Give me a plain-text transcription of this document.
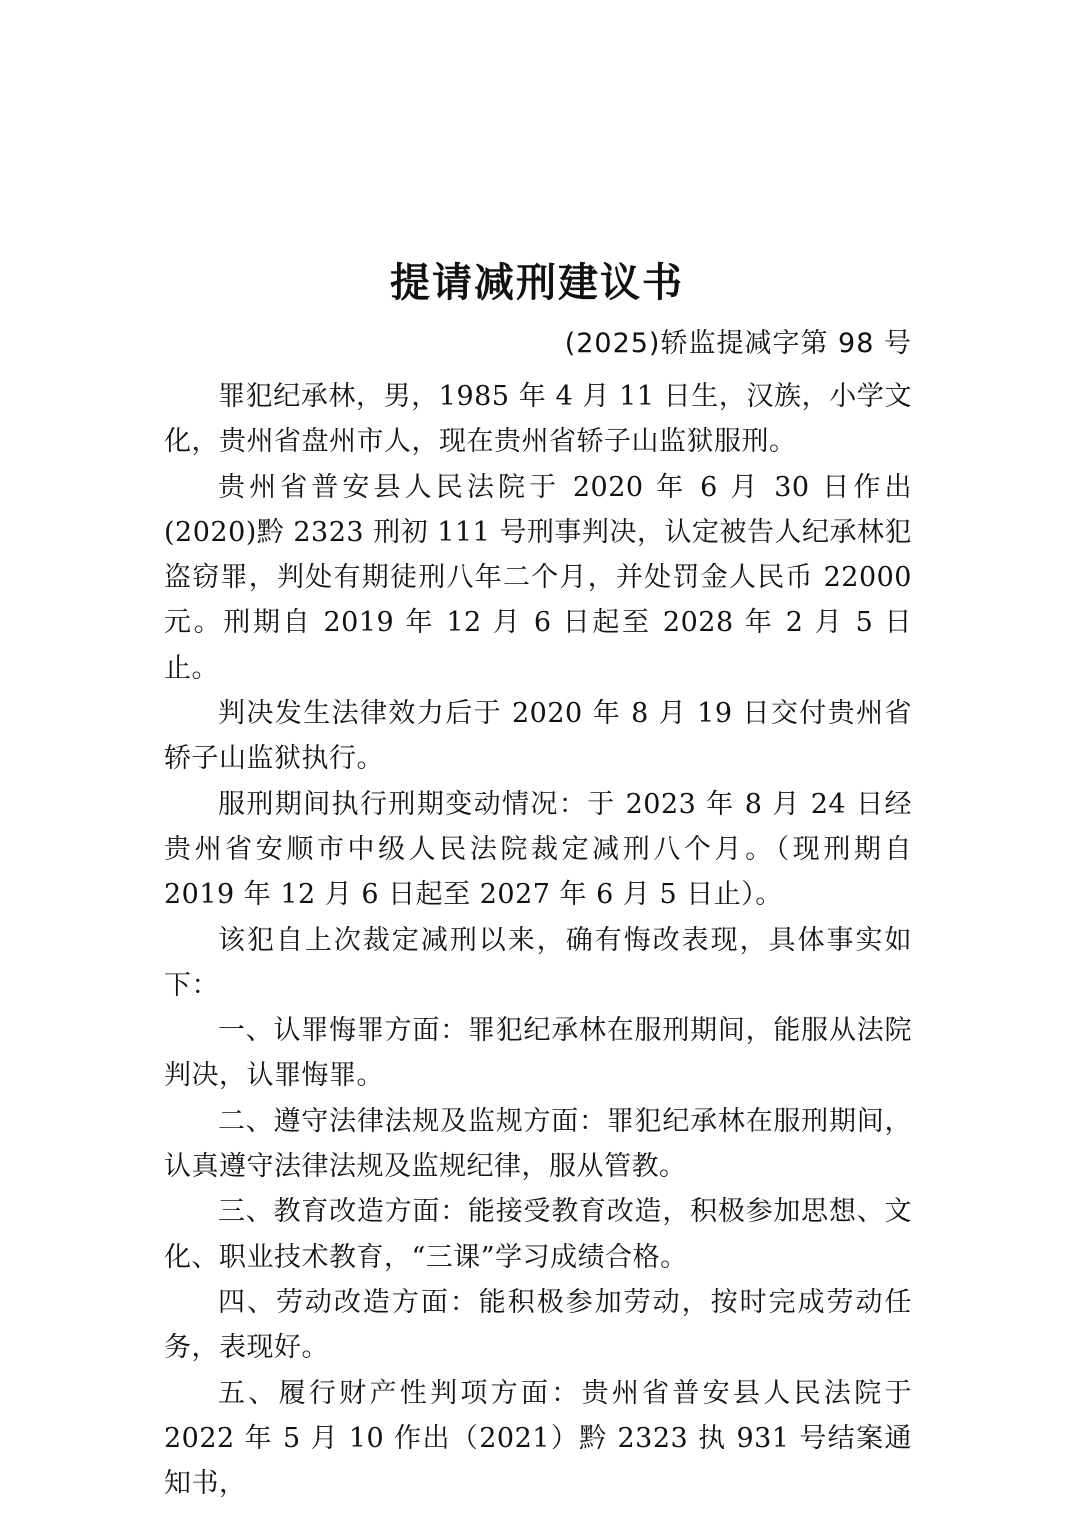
提请减刑建议书
(2025)轿监提减字第 98 号

罪犯纪承林，男，1985 年 4 月 11 日生，汉族，小学文化，贵州省盘州市人，现在贵州省轿子山监狱服刑。

贵州省普安县人民法院于 2020 年 6 月 30 日作出(2020)黔 2323 刑初 111 号刑事判决，认定被告人纪承林犯盗窃罪，判处有期徒刑八年二个月，并处罚金人民币 22000 元。刑期自 2019 年 12 月 6 日起至 2028 年 2 月 5 日止。

判决发生法律效力后于 2020 年 8 月 19 日交付贵州省轿子山监狱执行。

服刑期间执行刑期变动情况：于 2023 年 8 月 24 日经贵州省安顺市中级人民法院裁定减刑八个月。（现刑期自 2019 年 12 月 6 日起至 2027 年 6 月 5 日止）。

该犯自上次裁定减刑以来，确有悔改表现，具体事实如下：

一、认罪悔罪方面：罪犯纪承林在服刑期间，能服从法院判决，认罪悔罪。

二、遵守法律法规及监规方面：罪犯纪承林在服刑期间，认真遵守法律法规及监规纪律，服从管教。

三、教育改造方面：能接受教育改造，积极参加思想、文化、职业技术教育，“三课”学习成绩合格。

四、劳动改造方面：能积极参加劳动，按时完成劳动任务，表现好。

五、履行财产性判项方面：贵州省普安县人民法院于 2022 年 5 月 10 作出（2021）黔 2323 执 931 号结案通知书，
